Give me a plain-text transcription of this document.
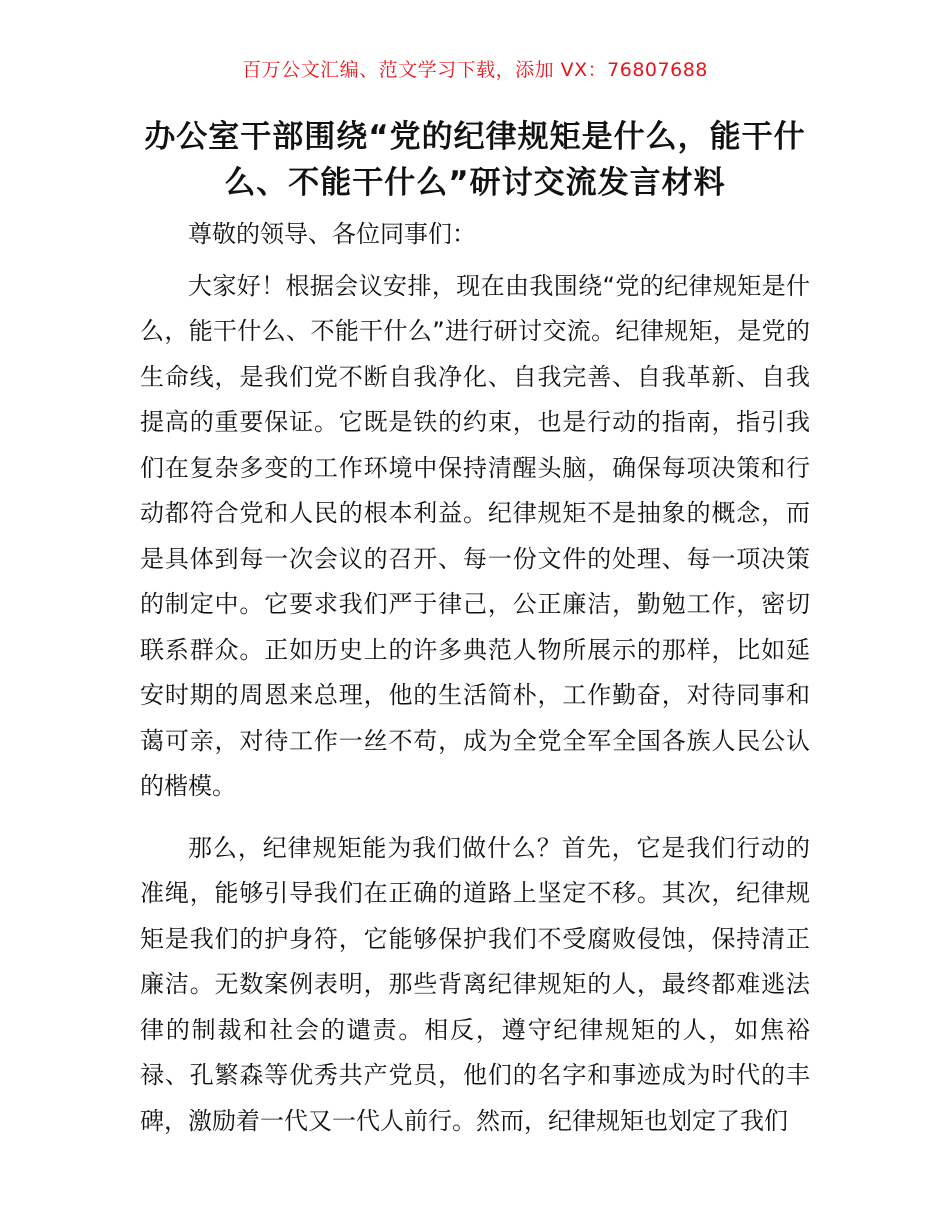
百万公文汇编、范文学习下载，添加 VX：76807688
办公室干部围绕“党的纪律规矩是什么，能干什么、不能干什么”研讨交流发言材料

尊敬的领导、各位同事们：

大家好！根据会议安排，现在由我围绕“党的纪律规矩是什么，能干什么、不能干什么”进行研讨交流。纪律规矩，是党的生命线，是我们党不断自我净化、自我完善、自我革新、自我提高的重要保证。它既是铁的约束，也是行动的指南，指引我们在复杂多变的工作环境中保持清醒头脑，确保每项决策和行动都符合党和人民的根本利益。纪律规矩不是抽象的概念，而是具体到每一次会议的召开、每一份文件的处理、每一项决策的制定中。它要求我们严于律己，公正廉洁，勤勉工作，密切联系群众。正如历史上的许多典范人物所展示的那样，比如延安时期的周恩来总理，他的生活简朴，工作勤奋，对待同事和蔼可亲，对待工作一丝不苟，成为全党全军全国各族人民公认的楷模。

那么，纪律规矩能为我们做什么？首先，它是我们行动的准绳，能够引导我们在正确的道路上坚定不移。其次，纪律规矩是我们的护身符，它能够保护我们不受腐败侵蚀，保持清正廉洁。无数案例表明，那些背离纪律规矩的人，最终都难逃法律的制裁和社会的谴责。相反，遵守纪律规矩的人，如焦裕禄、孔繁森等优秀共产党员，他们的名字和事迹成为时代的丰碑，激励着一代又一代人前行。然而，纪律规矩也划定了我们
